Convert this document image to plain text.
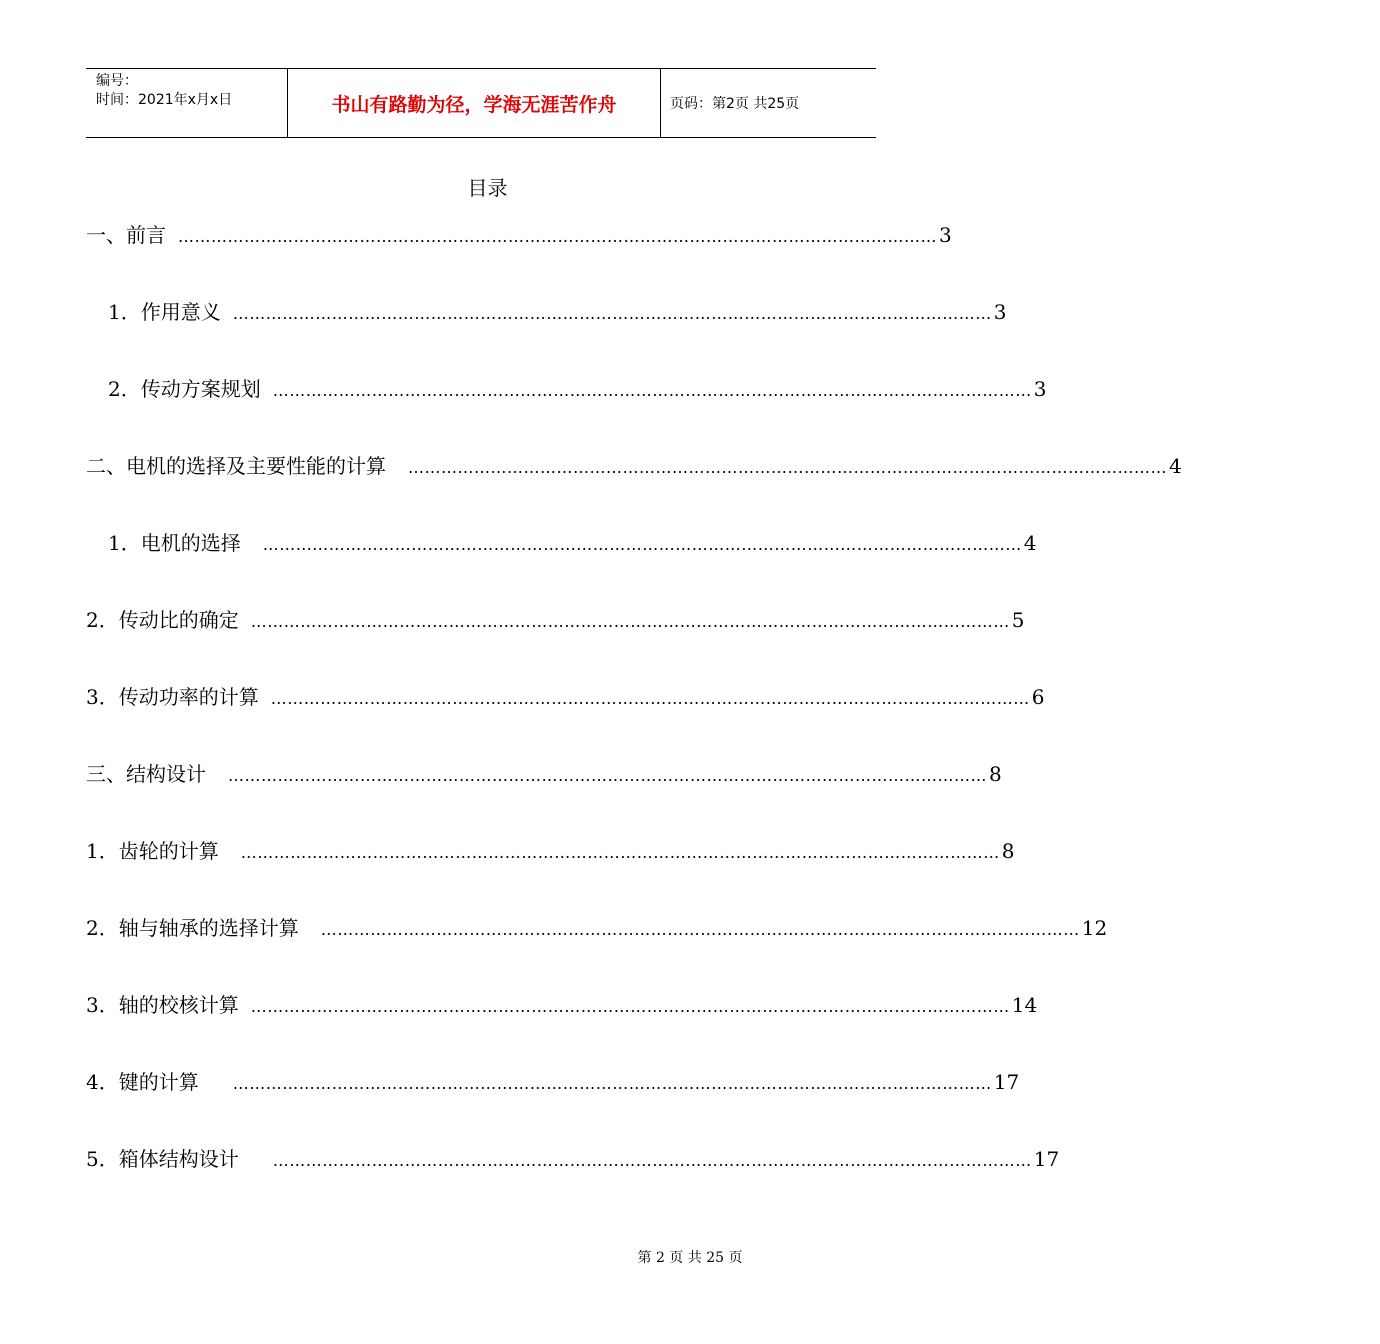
编号：
时间：2021年x月x日	书山有路勤为径，学海无涯苦作舟	页码：第2页 共25页
目录
一、前言 ………………………………………………………………………………………………………………………… 3
1．作用意义 ………………………………………………………………………………………………………………………… 3
2．传动方案规划 ………………………………………………………………………………………………………………………… 3
二、电机的选择及主要性能的计算 ………………………………………………………………………………………………………………………… 4
1．电机的选择 ………………………………………………………………………………………………………………………… 4
2．传动比的确定 ………………………………………………………………………………………………………………………… 5
3．传动功率的计算 ………………………………………………………………………………………………………………………… 6
三、结构设计 ………………………………………………………………………………………………………………………… 8
1．齿轮的计算 ………………………………………………………………………………………………………………………… 8
2．轴与轴承的选择计算 ………………………………………………………………………………………………………………………… 12
3．轴的校核计算 ………………………………………………………………………………………………………………………… 14
4．键的计算 ………………………………………………………………………………………………………………………… 17
5．箱体结构设计 ………………………………………………………………………………………………………………………… 17
第 2 页 共 25 页
